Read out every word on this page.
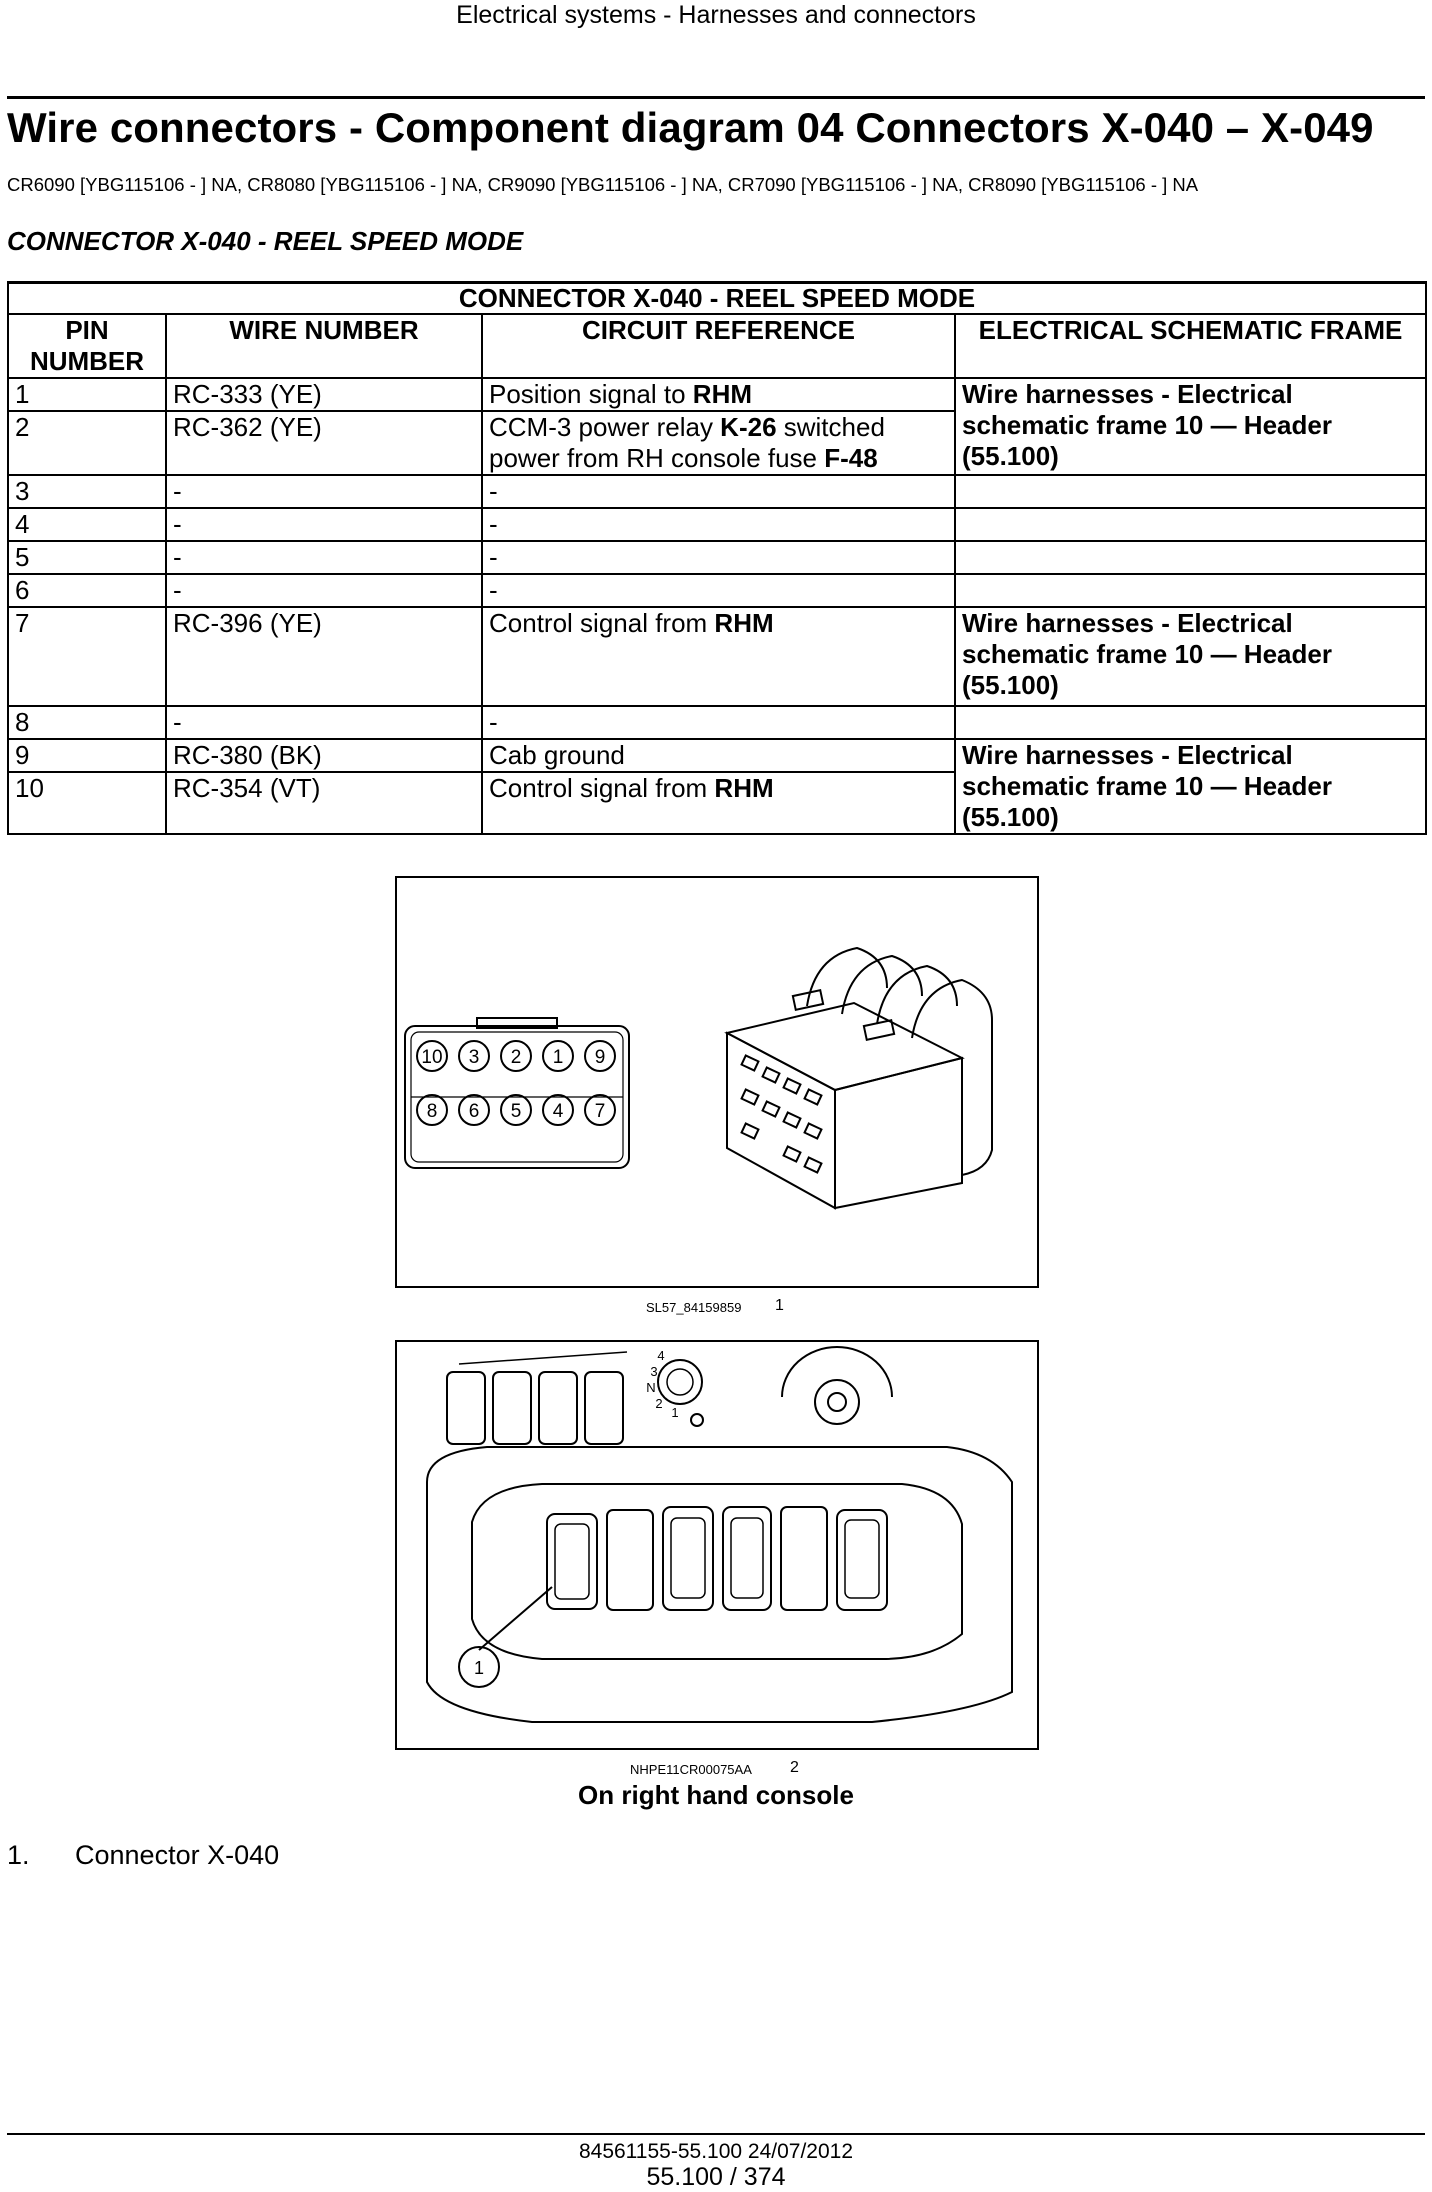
Electrical systems - Harnesses and connectors
Wire connectors - Component diagram 04 Connectors X-040 – X-049
CR6090 [YBG115106 - ] NA, CR8080 [YBG115106 - ] NA, CR9090 [YBG115106 - ] NA, CR7090 [YBG115106 - ] NA, CR8090 [YBG115106 - ] NA
CONNECTOR X-040 - REEL SPEED MODE
CONNECTOR X-040 - REEL SPEED MODE			
PIN NUMBER	WIRE NUMBER	CIRCUIT REFERENCE	ELECTRICAL SCHEMATIC FRAME
1	RC-333 (YE)	Position signal to RHM	Wire harnesses - Electrical schematic frame 10 — Header (55.100)
2	RC-362 (YE)	CCM-3 power relay K-26 switched power from RH console fuse F-48	
3	-	-	
4	-	-	
5	-	-	
6	-	-	
7	RC-396 (YE)	Control signal from RHM	Wire harnesses - Electrical schematic frame 10 — Header (55.100)
8	-	-	
9	RC-380 (BK)	Cab ground	Wire harnesses - Electrical schematic frame 10 — Header (55.100)
10	RC-354 (VT)	Control signal from RHM	
10 3 2 1 9
8 6 5 4 7
SL57_84159859 1
4
3
N
2
1
1
NHPE11CR00075AA 2
On right hand console
1. Connector X-040
84561155-55.100 24/07/2012
55.100 / 374
